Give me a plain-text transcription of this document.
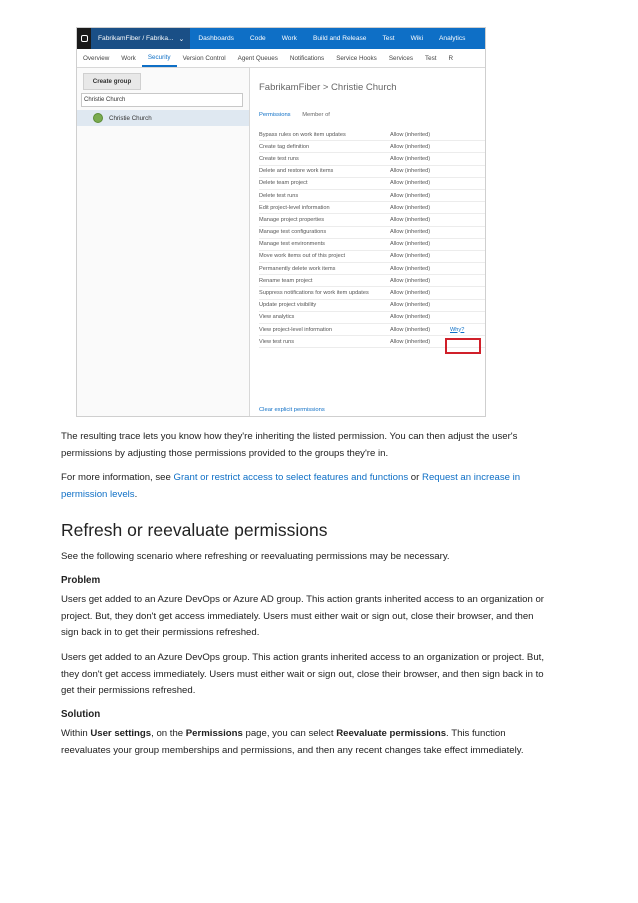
FabrikamFiber / Fabrika... ⌄	Dashboards	Code	Work	Build and Release	Test	Wiki	Analytics
Overview	Work	Security	Version Control	Agent Queues	Notifications	Service Hooks	Services	Test	R
Create group
Christie Church
Christie Church
FabrikamFiber > Christie Church
Permissions Member of
Bypass rules on work item updates	Allow (inherited)
Create tag definition	Allow (inherited)
Create test runs	Allow (inherited)
Delete and restore work items	Allow (inherited)
Delete team project	Allow (inherited)
Delete test runs	Allow (inherited)
Edit project-level information	Allow (inherited)
Manage project properties	Allow (inherited)
Manage test configurations	Allow (inherited)
Manage test environments	Allow (inherited)
Move work items out of this project	Allow (inherited)
Permanently delete work items	Allow (inherited)
Rename team project	Allow (inherited)
Suppress notifications for work item updates	Allow (inherited)
Update project visibility	Allow (inherited)
View analytics	Allow (inherited)
View project-level information	Allow (inherited)	Why?
View test runs	Allow (inherited)
Clear explicit permissions
The resulting trace lets you know how they're inheriting the listed permission. You can then adjust the user's permissions by adjusting those permissions provided to the groups they're in.
For more information, see Grant or restrict access to select features and functions or Request an increase in permission levels.
Refresh or reevaluate permissions
See the following scenario where refreshing or reevaluating permissions may be necessary.
Problem
Users get added to an Azure DevOps or Azure AD group. This action grants inherited access to an organization or project. But, they don't get access immediately. Users must either wait or sign out, close their browser, and then sign back in to get their permissions refreshed.
Users get added to an Azure DevOps group. This action grants inherited access to an organization or project. But, they don't get access immediately. Users must either wait or sign out, close their browser, and then sign back in to get their permissions refreshed.
Solution
Within User settings, on the Permissions page, you can select Reevaluate permissions. This function reevaluates your group memberships and permissions, and then any recent changes take effect immediately.
